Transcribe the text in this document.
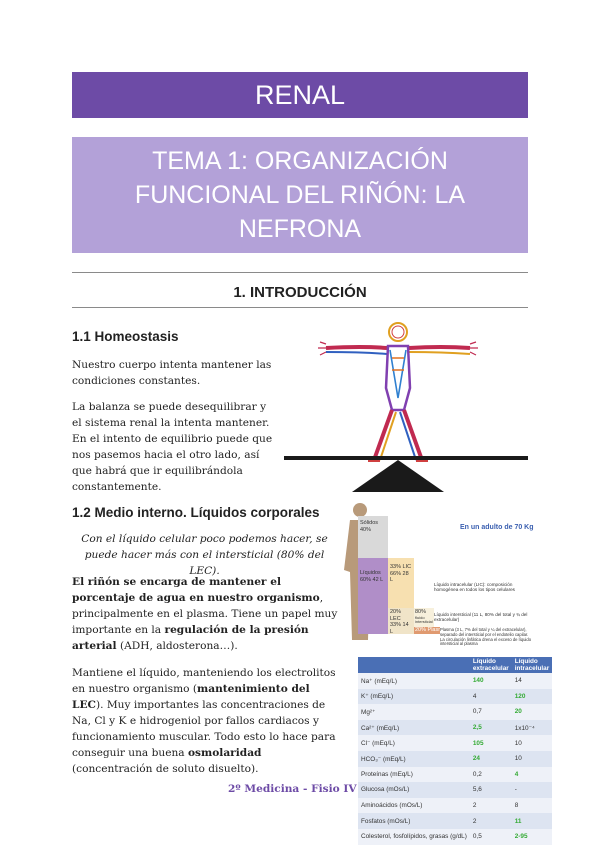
RENAL
TEMA 1: ORGANIZACIÓN
FUNCIONAL DEL RIÑÓN: LA
NEFRONA
1. INTRODUCCIÓN
1.1 Homeostasis
Nuestro cuerpo intenta mantener las condiciones constantes.
La balanza se puede desequilibrar y el sistema renal la intenta mantener. En el intento de equilibrio puede que nos pasemos hacia el otro lado, así que habrá que ir equilibrándola constantemente.
1.2 Medio interno. Líquidos corporales
Con el líquido celular poco podemos hacer, se puede hacer más con el intersticial (80% del LEC).
El riñón se encarga de mantener el porcentaje de agua en nuestro organismo, principalmente en el plasma. Tiene un papel muy importante en la regulación de la presión arterial (ADH, aldosterona…).
Mantiene el líquido, manteniendo los electrolitos en nuestro organismo (mantenimiento del LEC). Muy importantes las concentraciones de Na, Cl y K e hidrogeniol por fallos cardiacos y funcionamiento muscular. Todo esto lo hace para conseguir una buena osmolaridad (concentración de soluto disuelto).
2º Medicina - Fisio IV
Sólidos 40%
Líquidos 60% 42 L
33% LIC 66% 28 L
20% LEC 33% 14 L
80%
fluido intersticial
20% Plasma
En un adulto de 70 Kg
Líquido intracelular (LIC): composición homogénea en todos los tipos celulares
Líquido intersticial (11 L, 80% del total y ¾ del extracelular)
Plasma (3 L, 7% del total y ¼ del extracelular), separado del intersticial por el endotelio capilar. La circulación linfática drena el exceso de líquido intersticial al plasma
	Líquido extracelular	Líquido intracelular
Na⁺ (mEq/L)	140	14
K⁺ (mEq/L)	4	120
Mg²⁺	0,7	20
Ca²⁺ (mEq/L)	2,5	1x10⁻⁴
Cl⁻ (mEq/L)	105	10
HCO₃⁻ (mEq/L)	24	10
Proteínas (mEq/L)	0,2	4
Glucosa (mOs/L)	5,6	-
Aminoácidos (mOs/L)	2	8
Fosfatos (mOs/L)	2	11
Colesterol, fosfolípidos, grasas (g/dL)	0,5	2-95
